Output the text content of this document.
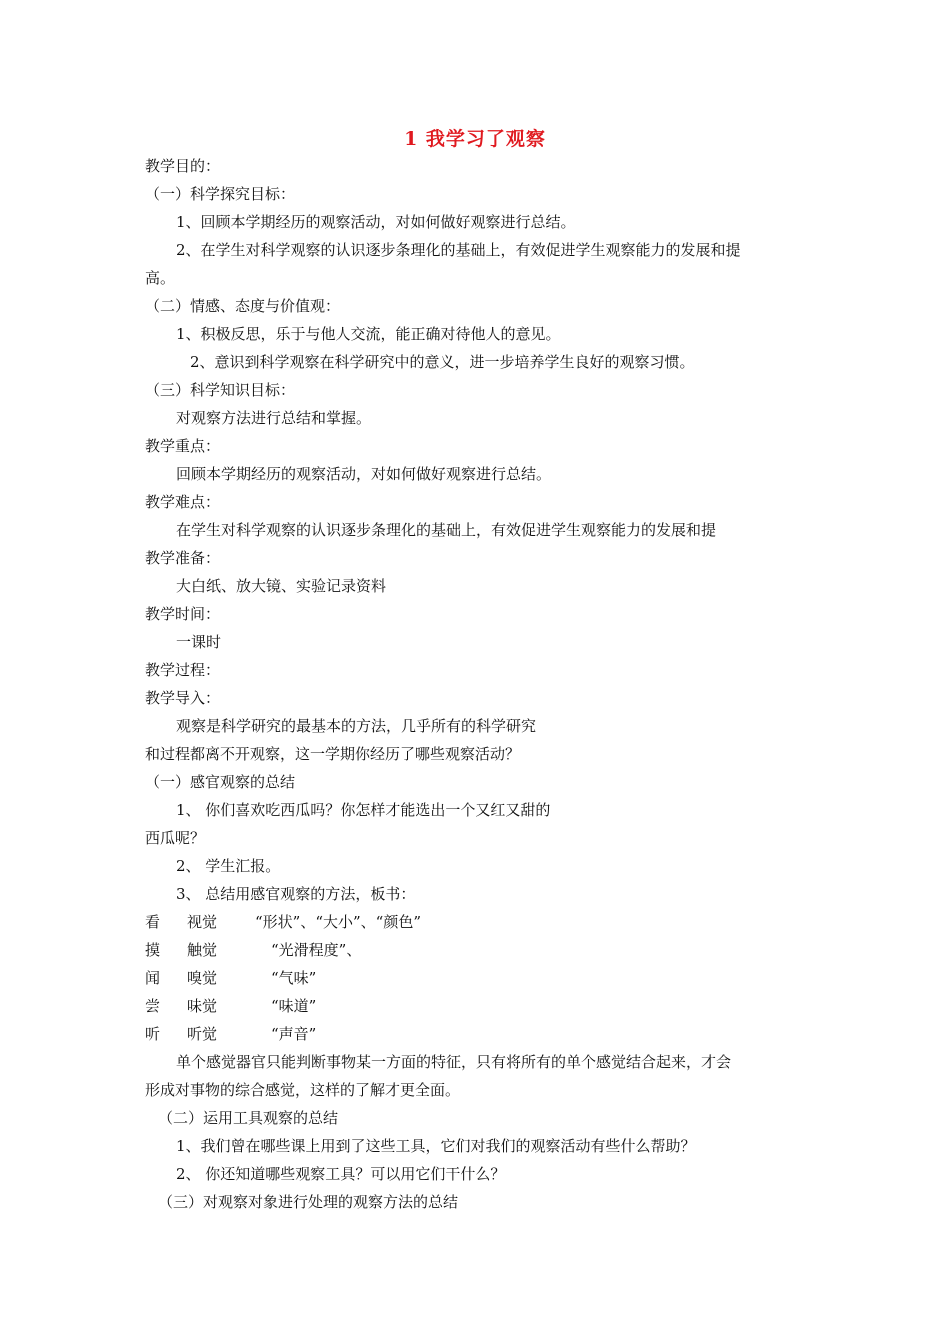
1 我学习了观察
教学目的：
（一）科学探究目标：
1、回顾本学期经历的观察活动，对如何做好观察进行总结。
2、在学生对科学观察的认识逐步条理化的基础上，有效促进学生观察能力的发展和提
高。
（二）情感、态度与价值观：
1、积极反思，乐于与他人交流，能正确对待他人的意见。
2、意识到科学观察在科学研究中的意义，进一步培养学生良好的观察习惯。
（三）科学知识目标：
对观察方法进行总结和掌握。
教学重点：
回顾本学期经历的观察活动，对如何做好观察进行总结。
教学难点：
在学生对科学观察的认识逐步条理化的基础上，有效促进学生观察能力的发展和提
教学准备：
大白纸、放大镜、实验记录资料
教学时间：
一课时
教学过程：
教学导入：
观察是科学研究的最基本的方法，几乎所有的科学研究
和过程都离不开观察，这一学期你经历了哪些观察活动？
（一）感官观察的总结
1、 你们喜欢吃西瓜吗？你怎样才能选出一个又红又甜的
西瓜呢？
2、 学生汇报。
3、 总结用感官观察的方法，板书：
看 视觉	“形状”、“大小”、“颜色”
摸 触觉	“光滑程度”、
闻 嗅觉	“气味”
尝 味觉	“味道”
听 听觉	“声音”
单个感觉器官只能判断事物某一方面的特征，只有将所有的单个感觉结合起来，才会
形成对事物的综合感觉，这样的了解才更全面。
（二）运用工具观察的总结
1、我们曾在哪些课上用到了这些工具，它们对我们的观察活动有些什么帮助？
2、 你还知道哪些观察工具？可以用它们干什么？
（三）对观察对象进行处理的观察方法的总结
